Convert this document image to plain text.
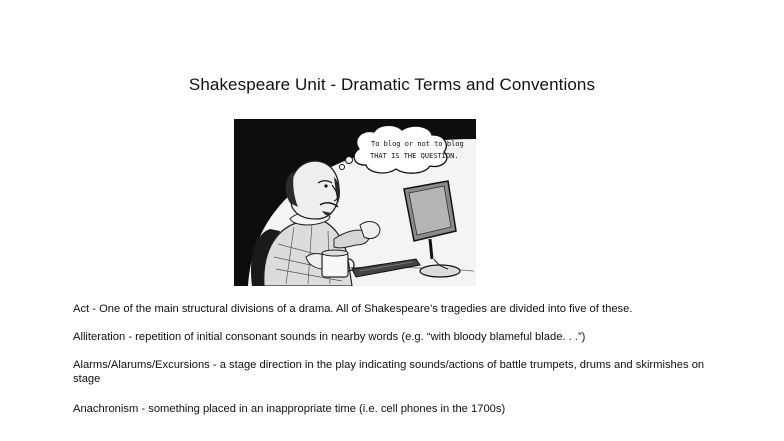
Shakespeare Unit - Dramatic Terms and Conventions
To blog or not to blog
THAT IS THE QUESTION.
Act - One of the main structural divisions of a drama. All of Shakespeare’s tragedies are divided into five of these.
Alliteration - repetition of initial consonant sounds in nearby words (e.g. “with bloody blameful blade. . .”)
Alarms/Alarums/Excursions - a stage direction in the play indicating sounds/actions of battle trumpets, drums and skirmishes on stage
Anachronism - something placed in an inappropriate time (i.e. cell phones in the 1700s)
